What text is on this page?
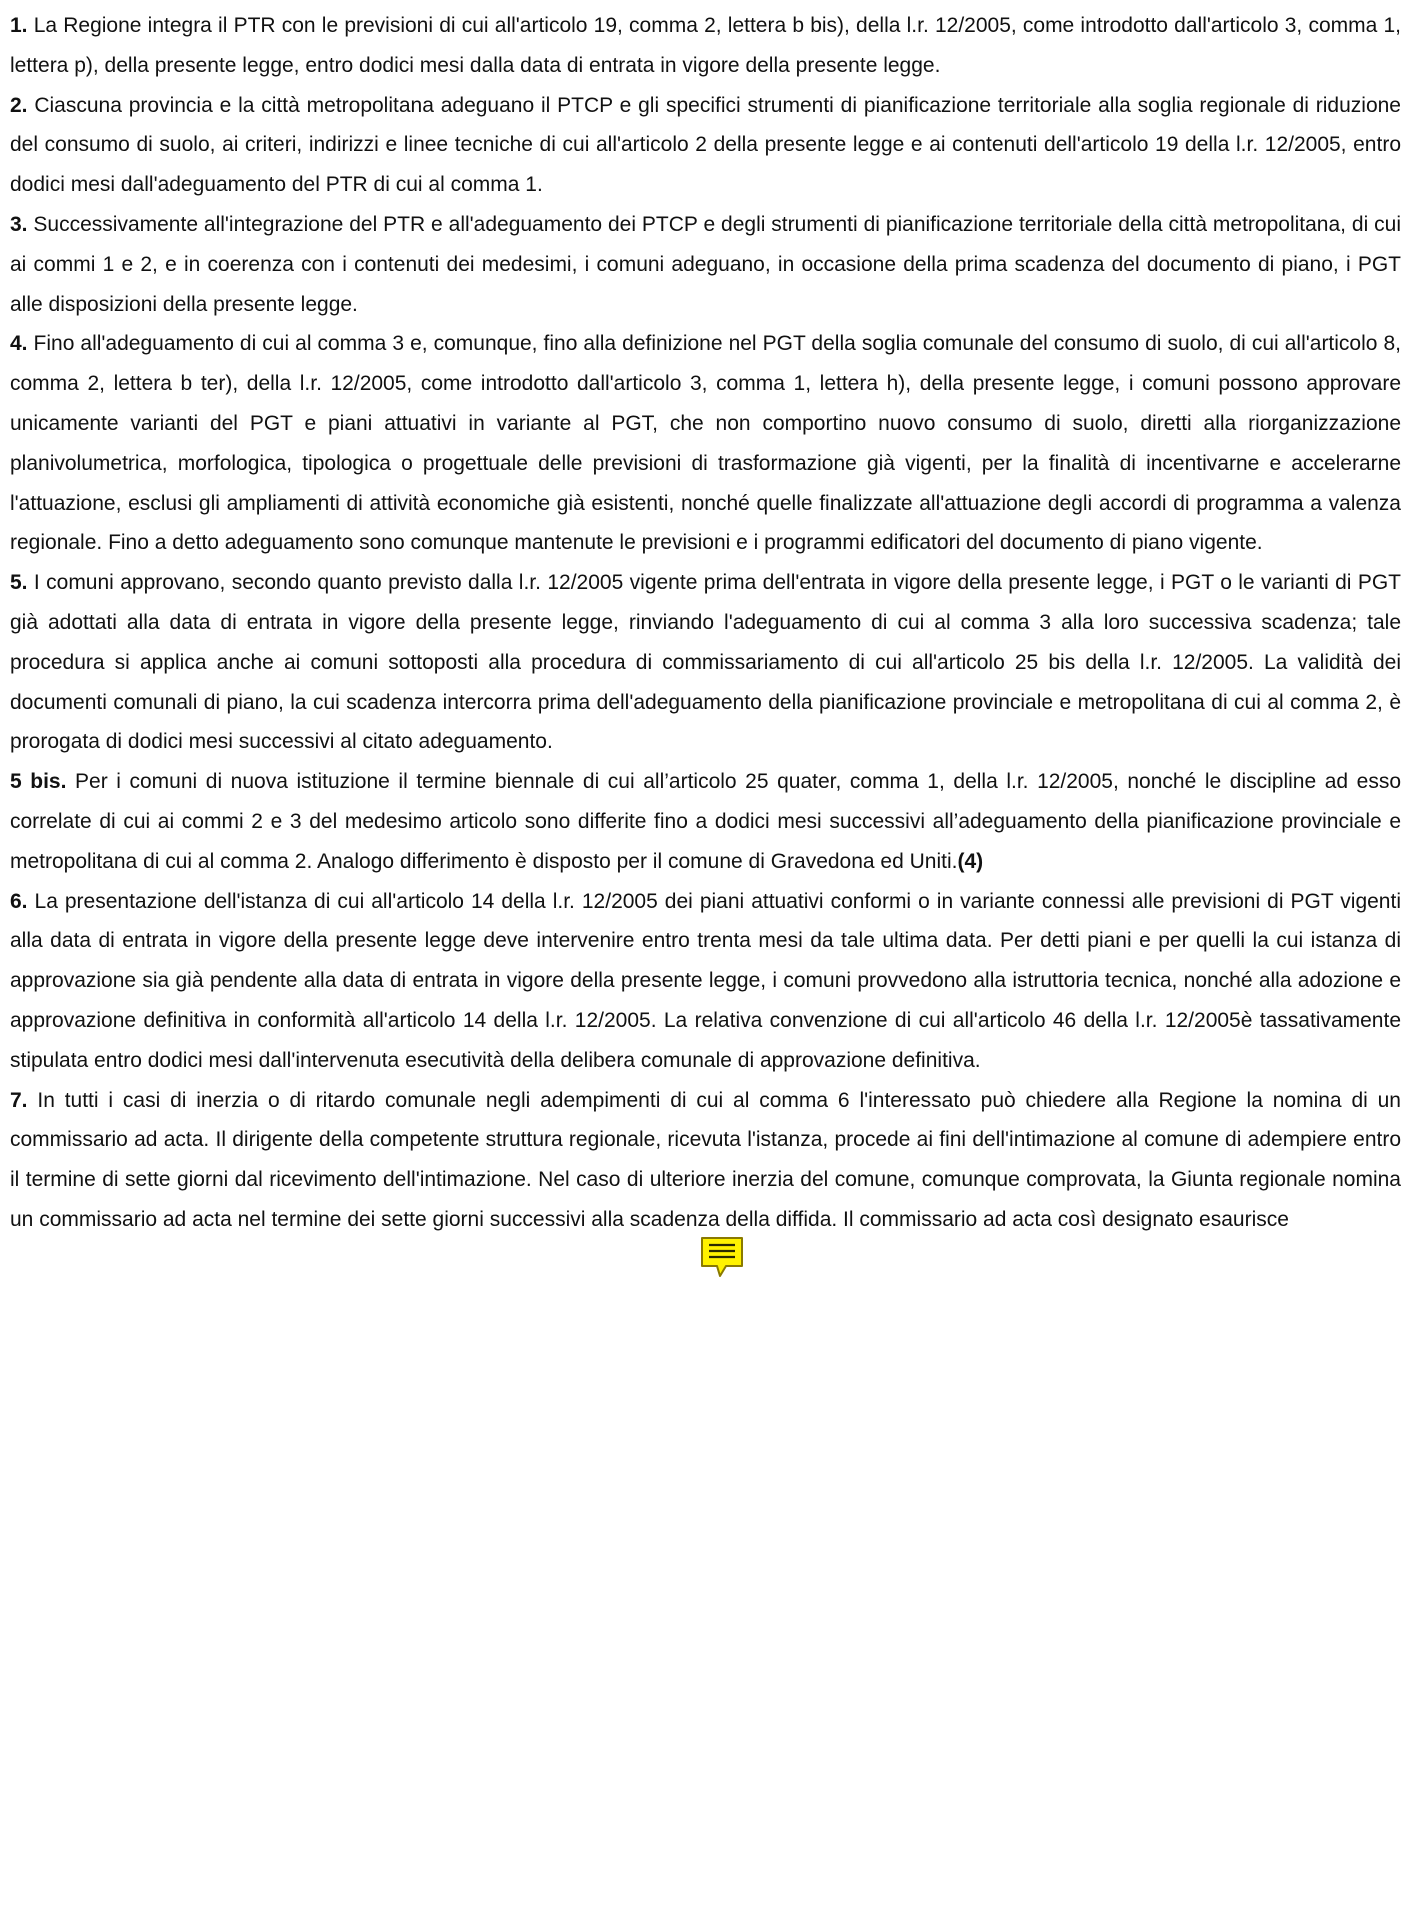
1. La Regione integra il PTR con le previsioni di cui all'articolo 19, comma 2, lettera b bis), della l.r. 12/2005, come introdotto dall'articolo 3, comma 1, lettera p), della presente legge, entro dodici mesi dalla data di entrata in vigore della presente legge.

2. Ciascuna provincia e la città metropolitana adeguano il PTCP e gli specifici strumenti di pianificazione territoriale alla soglia regionale di riduzione del consumo di suolo, ai criteri, indirizzi e linee tecniche di cui all'articolo 2 della presente legge e ai contenuti dell'articolo 19 della l.r. 12/2005, entro dodici mesi dall'adeguamento del PTR di cui al comma 1.

3. Successivamente all'integrazione del PTR e all'adeguamento dei PTCP e degli strumenti di pianificazione territoriale della città metropolitana, di cui ai commi 1 e 2, e in coerenza con i contenuti dei medesimi, i comuni adeguano, in occasione della prima scadenza del documento di piano, i PGT alle disposizioni della presente legge.

4. Fino all'adeguamento di cui al comma 3 e, comunque, fino alla definizione nel PGT della soglia comunale del consumo di suolo, di cui all'articolo 8, comma 2, lettera b ter), della l.r. 12/2005, come introdotto dall'articolo 3, comma 1, lettera h), della presente legge, i comuni possono approvare unicamente varianti del PGT e piani attuativi in variante al PGT, che non comportino nuovo consumo di suolo, diretti alla riorganizzazione planivolumetrica, morfologica, tipologica o progettuale delle previsioni di trasformazione già vigenti, per la finalità di incentivarne e accelerarne l'attuazione, esclusi gli ampliamenti di attività economiche già esistenti, nonché quelle finalizzate all'attuazione degli accordi di programma a valenza regionale. Fino a detto adeguamento sono comunque mantenute le previsioni e i programmi edificatori del documento di piano vigente.

5. I comuni approvano, secondo quanto previsto dalla l.r. 12/2005 vigente prima dell'entrata in vigore della presente legge, i PGT o le varianti di PGT già adottati alla data di entrata in vigore della presente legge, rinviando l'adeguamento di cui al comma 3 alla loro successiva scadenza; tale procedura si applica anche ai comuni sottoposti alla procedura di commissariamento di cui all'articolo 25 bis della l.r. 12/2005. La validità dei documenti comunali di piano, la cui scadenza intercorra prima dell'adeguamento della pianificazione provinciale e metropolitana di cui al comma 2, è prorogata di dodici mesi successivi al citato adeguamento.

5 bis. Per i comuni di nuova istituzione il termine biennale di cui all’articolo 25 quater, comma 1, della l.r. 12/2005, nonché le discipline ad esso correlate di cui ai commi 2 e 3 del medesimo articolo sono differite fino a dodici mesi successivi all’adeguamento della pianificazione provinciale e metropolitana di cui al comma 2. Analogo differimento è disposto per il comune di Gravedona ed Uniti.(4)

6. La presentazione dell'istanza di cui all'articolo 14 della l.r. 12/2005 dei piani attuativi conformi o in variante connessi alle previsioni di PGT vigenti alla data di entrata in vigore della presente legge deve intervenire entro trenta mesi da tale ultima data. Per detti piani e per quelli la cui istanza di approvazione sia già pendente alla data di entrata in vigore della presente legge, i comuni provvedono alla istruttoria tecnica, nonché alla adozione e approvazione definitiva in conformità all'articolo 14 della l.r. 12/2005. La relativa convenzione di cui all'articolo 46 della l.r. 12/2005è tassativamente stipulata entro dodici mesi dall'intervenuta esecutività della delibera comunale di approvazione definitiva.

7. In tutti i casi di inerzia o di ritardo comunale negli adempimenti di cui al comma 6 l'interessato può chiedere alla Regione la nomina di un commissario ad acta. Il dirigente della competente struttura regionale, ricevuta l'istanza, procede ai fini dell'intimazione al comune di adempiere entro il termine di sette giorni dal ricevimento dell'intimazione. Nel caso di ulteriore inerzia del comune, comunque comprovata, la Giunta regionale nomina un commissario ad acta nel termine dei sette giorni successivi alla scadenza della diffida. Il commissario ad acta così designato esaurisce
